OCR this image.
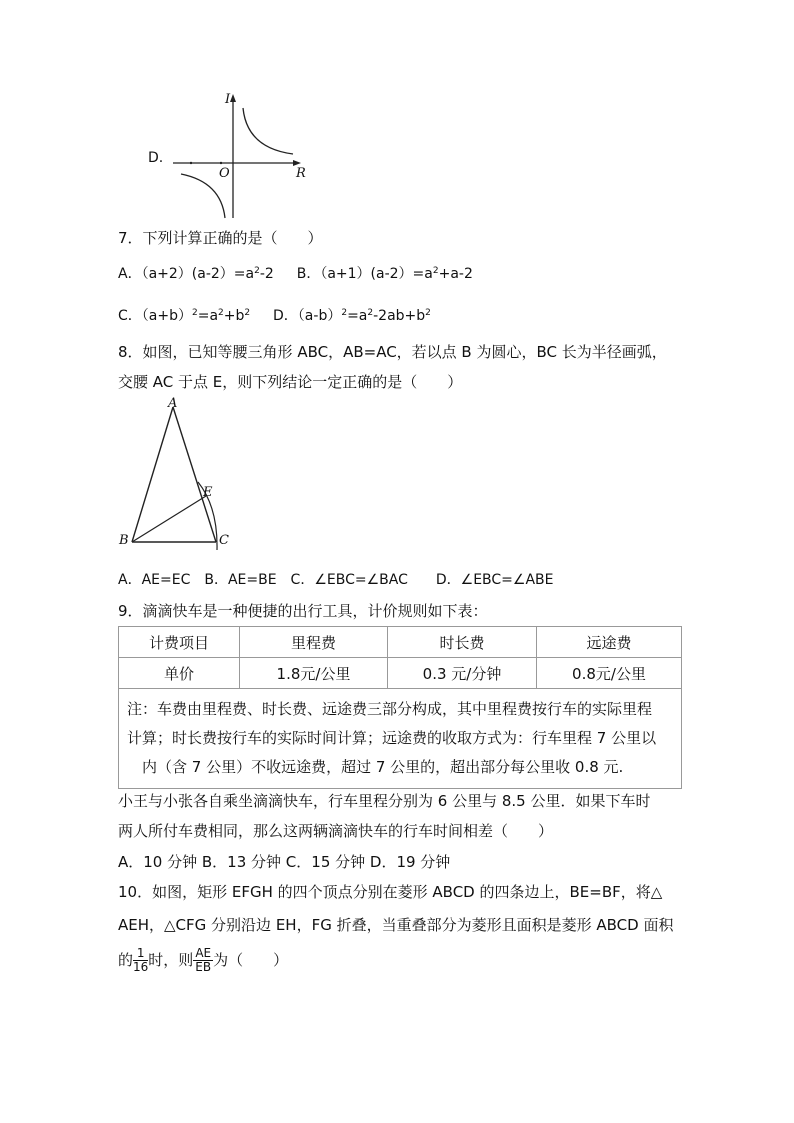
D.
I
R
O
7．下列计算正确的是（　　）
A．$(a+2)(a-2)=a^2-2$ B．$(a+1)(a-2)=a^2+a-2$
C．$(a+b)^2=a^2+b^2$ D．$(a-b)^2=a^2-2ab+b^2$
8．如图，已知等腰三角形 ABC，AB=AC，若以点 B 为圆心，BC 长为半径画弧，
交腰 AC 于点 E，则下列结论一定正确的是（　　）
A
E
B	C
A．AE=EC　B．AE=BE　C．∠EBC=∠BAC　　D．∠EBC=∠ABE
9．滴滴快车是一种便捷的出行工具，计价规则如下表：
计费项目	里程费	时长费	远途费
单价	1.8元/公里	0.3 元/分钟	0.8元/公里

注：车费由里程费、时长费、远途费三部分构成，其中里程费按行车的实际里程
计算；时长费按行车的实际时间计算；远途费的收取方式为：行车里程 7 公里以
　内（含 7 公里）不收远途费，超过 7 公里的，超出部分每公里收 0.8 元.			
小王与小张各自乘坐滴滴快车，行车里程分别为 6 公里与 8.5 公里．如果下车时
两人所付车费相同，那么这两辆滴滴快车的行车时间相差（　　）
A．10 分钟 B．13 分钟 C．15 分钟 D．19 分钟
10．如图，矩形 EFGH 的四个顶点分别在菱形 ABCD 的四条边上，BE=BF，将△
AEH，△CFG 分别沿边 EH，FG 折叠，当重叠部分为菱形且面积是菱形 ABCD 面积
的 $\frac{1}{16}$ 时，则 $\frac{AE}{EB}$ 为（　　）
